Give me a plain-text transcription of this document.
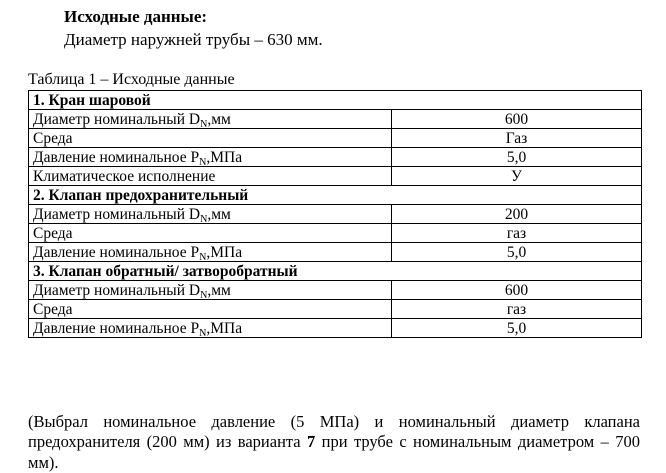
Исходные данные:
Диаметр наружней трубы – 630 мм.
Таблица 1 – Исходные данные
1. Кран шаровой	
Диаметр номинальный $D_N,мм$	600
Среда	Газ
Давление номинальное $P_N,МПа$	5,0
Климатическое исполнение	У
2. Клапан предохранительный	
Диаметр номинальный $D_N,мм$	200
Среда	газ
Давление номинальное $P_N,МПа$	5,0
3. Клапан обратный/ затворобратный	
Диаметр номинальный $D_N,мм$	600
Среда	газ
Давление номинальное $P_N,МПа$	5,0

(Выбрал номинальное давление (5 МПа) и номинальный диаметр клапана предохранителя (200 мм) из варианта 7 при трубе с номинальным диаметром – 700 мм).
